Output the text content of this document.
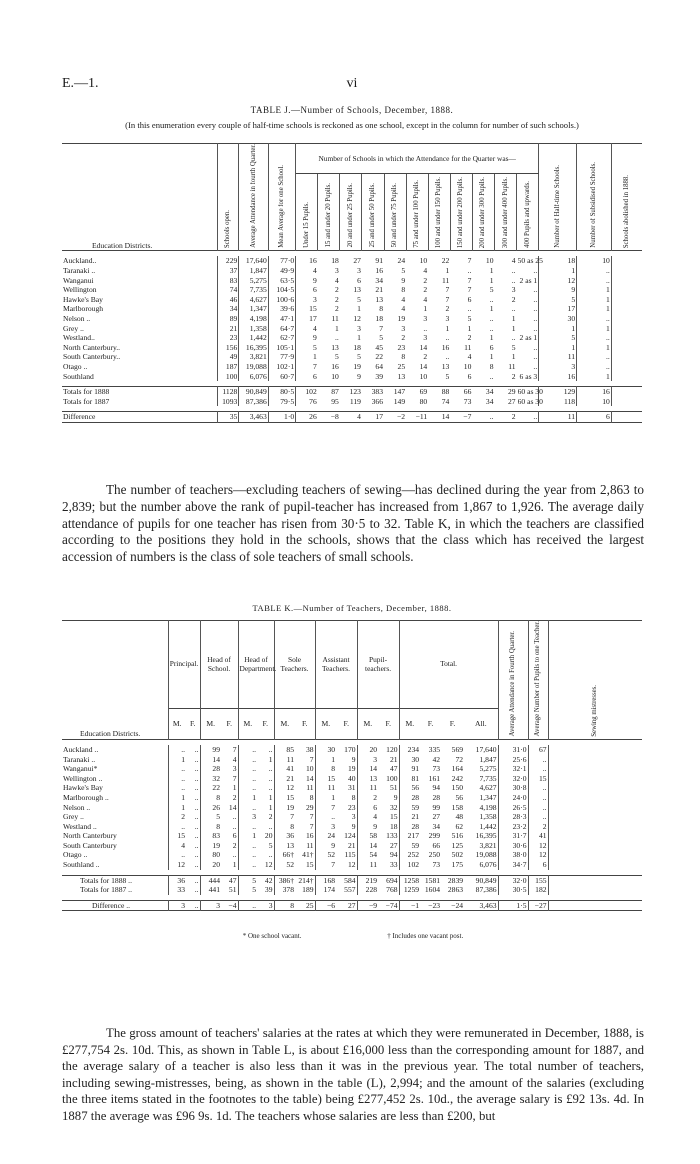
E.—1.	vi
TABLE J.—Number of Schools, December, 1888.
(In this enumeration every couple of half-time schools is reckoned as one school, except in the column for number of such schools.)
Education Districts.	Schools open.	Average Attendance in fourth Quarter.	Mean Average for one School.	Number of Schools in which the Attendance for the Quarter was—											Number of Half-time Schools.	Number of Subsidised Schools.	Schools abolished in 1888.
				Under 15 Pupils.	15 and under 20 Pupils.	20 and under 25 Pupils.	25 and under 50 Pupils.	50 and under 75 Pupils.	75 and under 100 Pupils.	100 and under 150 Pupils.	150 and under 200 Pupils.	200 and under 300 Pupils.	300 and under 400 Pupils.	400 Pupils and upwards.			

Auckland..	229	17,640	77·0	16	18	27	91	24	10	22	7	10	4	50 as 25	18	10	
Taranaki ..	37	1,847	49·9	4	3	3	16	5	4	1	..	1	..	..	1	..	
Wanganui	83	5,275	63·5	9	4	6	34	9	2	11	7	1	..	2 as 1	12	..	
Wellington	74	7,735	104·5	6	2	13	21	8	2	7	7	5	3	..	9	1	
Hawke's Bay	46	4,627	100·6	3	2	5	13	4	4	7	6	..	2	..	5	1	
Marlborough	34	1,347	39·6	15	2	1	8	4	1	2	..	1	..	..	17	1	
Nelson ..	89	4,198	47·1	17	11	12	18	19	3	3	5	..	1	..	30	..	
Grey ..	21	1,358	64·7	4	1	3	7	3	..	1	1	..	1	..	1	1	
Westland..	23	1,442	62·7	9	..	1	5	2	3	..	2	1	..	2 as 1	5	..	
North Canterbury..	156	16,395	105·1	5	13	18	45	23	14	16	11	6	5	..	1	1	
South Canterbury..	49	3,821	77·9	1	5	5	22	8	2	..	4	1	1	..	11	..	
Otago ..	187	19,088	102·1	7	16	19	64	25	14	13	10	8	11	..	3	..	
Southland	100	6,076	60·7	6	10	9	39	13	10	5	6	..	2	6 as 3	16	1	

Totals for 1888	1128	90,849	80·5	102	87	123	383	147	69	88	66	34	29	60 as 30	129	16	
Totals for 1887	1093	87,386	79·5	76	95	119	366	149	80	74	73	34	27	60 as 30	118	10	

Difference	35	3,463	1·0	26	−8	4	17	−2	−11	14	−7	..	2	..	11	6	
The number of teachers—excluding teachers of sewing—has declined during the year from 2,863 to 2,839; but the number above the rank of pupil-teacher has increased from 1,867 to 1,926. The average daily attendance of pupils for one teacher has risen from 30·5 to 32. Table K, in which the teachers are classified according to the positions they hold in the schools, shows that the class which has received the largest accession of numbers is the class of sole teachers of small schools.
TABLE K.—Number of Teachers, December, 1888.
Education Districts.	Principal.		Head of School.		Head of Department.		Sole Teachers.		Assistant Teachers.		Pupil-teachers.		Total.				Average Attendance in Fourth Quarter.	Average Number of Pupils to one Teacher.	Sewing mistresses.
	M.	F.	M.	F.	M.	F.	M.	F.	M.	F.	M.	F.	M.	F.	F.	All.			

Auckland ..	..	..	99	7	..	..	85	38	30	170	20	120	234	335	569	17,640	31·0	67	
Taranaki ..	1	..	14	4	..	1	11	7	1	9	3	21	30	42	72	1,847	25·6	..	
Wanganui*	..	..	28	3	..	..	41	10	8	19	14	47	91	73	164	5,275	32·1	..	
Wellington ..	..	..	32	7	..	..	21	14	15	40	13	100	81	161	242	7,735	32·0	15	
Hawke's Bay	..	..	22	1	..	..	12	11	11	31	11	51	56	94	150	4,627	30·8	..	
Marlborough ..	1	..	8	2	1	1	15	8	1	8	2	9	28	28	56	1,347	24·0	..	
Nelson ..	1	..	26	14	..	1	19	29	7	23	6	32	59	99	158	4,198	26·5	..	
Grey ..	2	..	5	..	3	2	7	7	..	3	4	15	21	27	48	1,358	28·3	..	
Westland ..	..	..	8	..	..	..	8	7	3	9	9	18	28	34	62	1,442	23·2	2	
North Canterbury	15	..	83	6	1	20	36	16	24	124	58	133	217	299	516	16,395	31·7	41	
South Canterbury	4	..	19	2	..	5	13	11	9	21	14	27	59	66	125	3,821	30·6	12	
Otago ..	..	..	80	..	..	..	66†	41†	52	115	54	94	252	250	502	19,088	38·0	12	
Southland ..	12	..	20	1	..	12	52	15	7	12	11	33	102	73	175	6,076	34·7	6	

Totals for 1888 ..	36	..	444	47	5	42	386†	214†	168	584	219	694	1258	1581	2839	90,849	32·0	155	
Totals for 1887 ..	33	..	441	51	5	39	378	189	174	557	228	768	1259	1604	2863	87,386	30·5	182	

Difference ..	3	..	3	−4	..	3	8	25	−6	27	−9	−74	−1	−23	−24	3,463	1·5	−27	
* One school vacant.	† Includes one vacant post.
The gross amount of teachers' salaries at the rates at which they were remunerated in December, 1888, is £277,754 2s. 10d. This, as shown in Table L, is about £16,000 less than the corresponding amount for 1887, and the average salary of a teacher is also less than it was in the previous year. The total number of teachers, including sewing-mistresses, being, as shown in the table (L), 2,994; and the amount of the salaries (excluding the three items stated in the footnotes to the table) being £277,452 2s. 10d., the average salary is £92 13s. 4d. In 1887 the average was £96 9s. 1d. The teachers whose salaries are less than £200, but
